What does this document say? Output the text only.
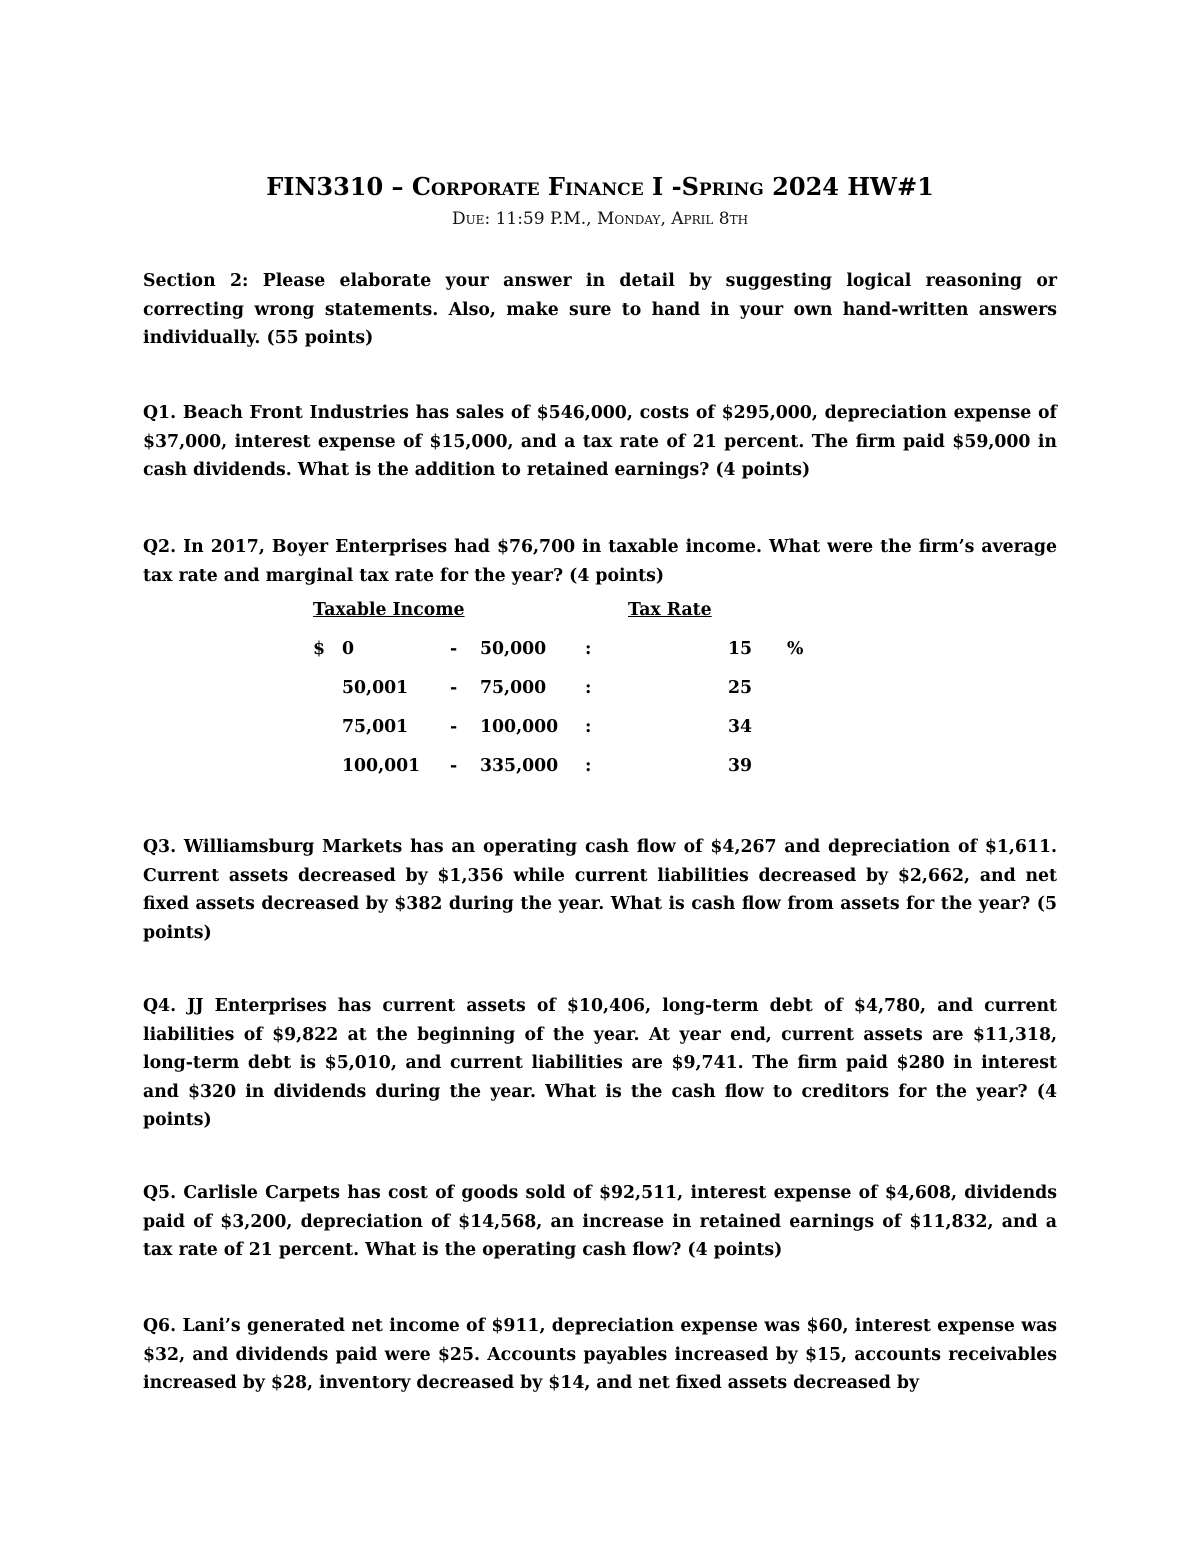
FIN3310 – Corporate Finance I -Spring 2024 HW#1
Due: 11:59 P.M., Monday, April 8th
Section 2: Please elaborate your answer in detail by suggesting logical reasoning or correcting wrong statements. Also, make sure to hand in your own hand-written answers individually. (55 points)
Q1. Beach Front Industries has sales of $546,000, costs of $295,000, depreciation expense of $37,000, interest expense of $15,000, and a tax rate of 21 percent. The firm paid $59,000 in cash dividends. What is the addition to retained earnings? (4 points)
Q2. In 2017, Boyer Enterprises had $76,700 in taxable income. What were the firm’s average tax rate and marginal tax rate for the year? (4 points)
Taxable Income	Tax Rate
$ 0	- 50,000 :	15 %
50,001 - 75,000 :	25
75,001 - 100,000 :	34
100,001 - 335,000 :	39
Q3. Williamsburg Markets has an operating cash flow of $4,267 and depreciation of $1,611. Current assets decreased by $1,356 while current liabilities decreased by $2,662, and net fixed assets decreased by $382 during the year. What is cash flow from assets for the year? (5 points)
Q4. JJ Enterprises has current assets of $10,406, long-term debt of $4,780, and current liabilities of $9,822 at the beginning of the year. At year end, current assets are $11,318, long-term debt is $5,010, and current liabilities are $9,741. The firm paid $280 in interest and $320 in dividends during the year. What is the cash flow to creditors for the year? (4 points)
Q5. Carlisle Carpets has cost of goods sold of $92,511, interest expense of $4,608, dividends paid of $3,200, depreciation of $14,568, an increase in retained earnings of $11,832, and a tax rate of 21 percent. What is the operating cash flow? (4 points)
Q6. Lani’s generated net income of $911, depreciation expense was $60, interest expense was $32, and dividends paid were $25. Accounts payables increased by $15, accounts receivables increased by $28, inventory decreased by $14, and net fixed assets decreased by
